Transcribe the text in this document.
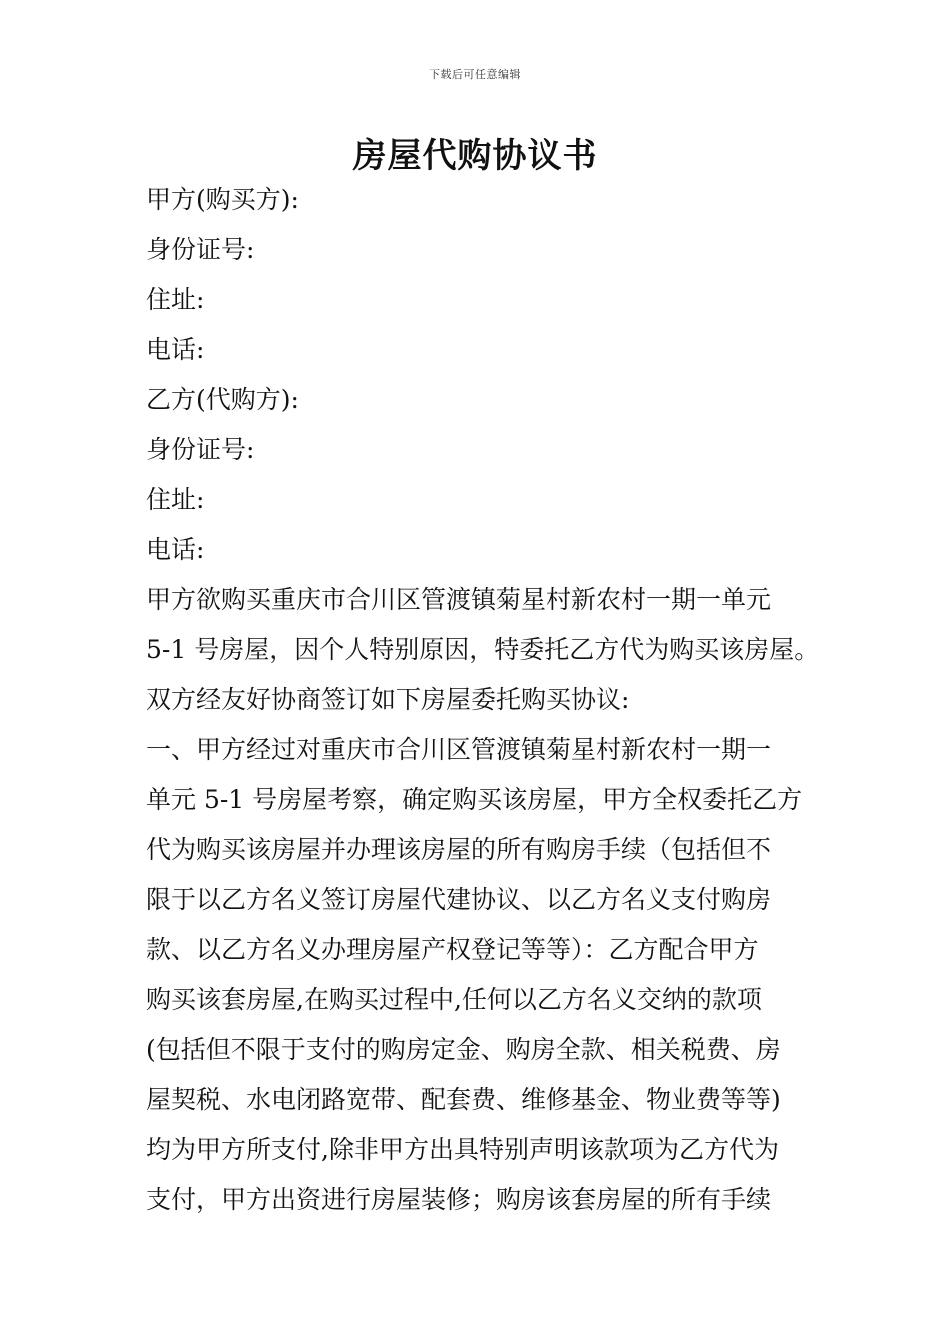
下载后可任意编辑
房屋代购协议书
甲方(购买方):
身份证号:
住址:
电话:
乙方(代购方):
身份证号:
住址:
电话:
甲方欲购买重庆市合川区管渡镇菊星村新农村一期一单元
5-1 号房屋，因个人特别原因，特委托乙方代为购买该房屋。
双方经友好协商签订如下房屋委托购买协议:
一、甲方经过对重庆市合川区管渡镇菊星村新农村一期一
单元 5-1 号房屋考察，确定购买该房屋，甲方全权委托乙方
代为购买该房屋并办理该房屋的所有购房手续（包括但不
限于以乙方名义签订房屋代建协议、以乙方名义支付购房
款、以乙方名义办理房屋产权登记等等）：乙方配合甲方
购买该套房屋,在购买过程中,任何以乙方名义交纳的款项
(包括但不限于支付的购房定金、购房全款、相关税费、房
屋契税、水电闭路宽带、配套费、维修基金、物业费等等)
均为甲方所支付,除非甲方出具特别声明该款项为乙方代为
支付，甲方出资进行房屋装修；购房该套房屋的所有手续
